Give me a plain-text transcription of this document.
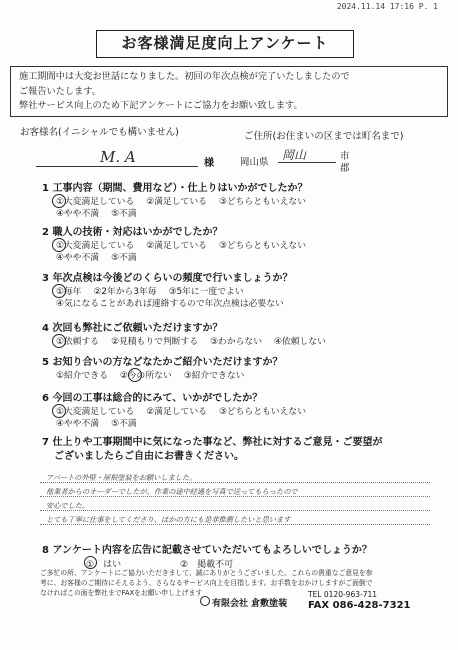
2024.11.14 17:16 P. 1
お客様満足度向上アンケート
施工期間中は大変お世話になりました。初回の年次点検が完了いたしましたので
ご報告いたします。
弊社サービス向上のため下記アンケートにご協力をお願い致します。
お客様名(イニシャルでも構いません)	ご住所(お住まいの区までは町名まで)
M. A	様	岡山県
岡山	市
郡
1 工事内容（期間、費用など）・仕上りはいかがでしたか？
①大変満足している ②満足している ③どちらともいえない
④やや不満 ⑤不満
2 職人の技術・対応はいかがでしたか？
①大変満足している ②満足している ③どちらともいえない
④やや不満 ⑤不満
3 年次点検は今後どのくらいの頻度で行いましょうか？
①毎年 ②2年から3年毎 ③5年に一度でよい
④気になることがあれば連絡するので年次点検は必要ない
4 次回も弊社にご依頼いただけますか？
①依頼する ②見積もりで判断する ③わからない ④依頼しない
5 お知り合いの方などなたかご紹介いただけますか？
①紹介できる ②今の所ない ③紹介できない
6 今回の工事は総合的にみて、いかがでしたか？
①大変満足している ②満足している ③どちらともいえない
④やや不満 ⑤不満
7 仕上りや工事期間中に気になった事など、弊社に対するご意見・ご要望が
ございましたらご自由にお書きください。
アパートの外壁・屋根塗装をお願いしました。
他業者からのオーダーでしたが、作業の途中経過を写真で送ってもらったので
安心でした。
とても丁寧に仕事をしてくださり、ほかの方にも是非推薦したいと思います
8 アンケート内容を広告に記載させていただいてもよろしいでしょうか？
①　はい	②　掲載不可
ご多忙の所、アンケートにご協力いただきまして、誠にありがとうございました。これらの貴重なご意見を参
考に、お客様のご期待にそえるよう、さらなるサービス向上を目指します。お手数をおかけしますがご面倒で
なければこの面を弊社までFAXをお願い申し上げます
有限会社 倉敷塗装
TEL 0120-963-711
FAX 086-428-7321
